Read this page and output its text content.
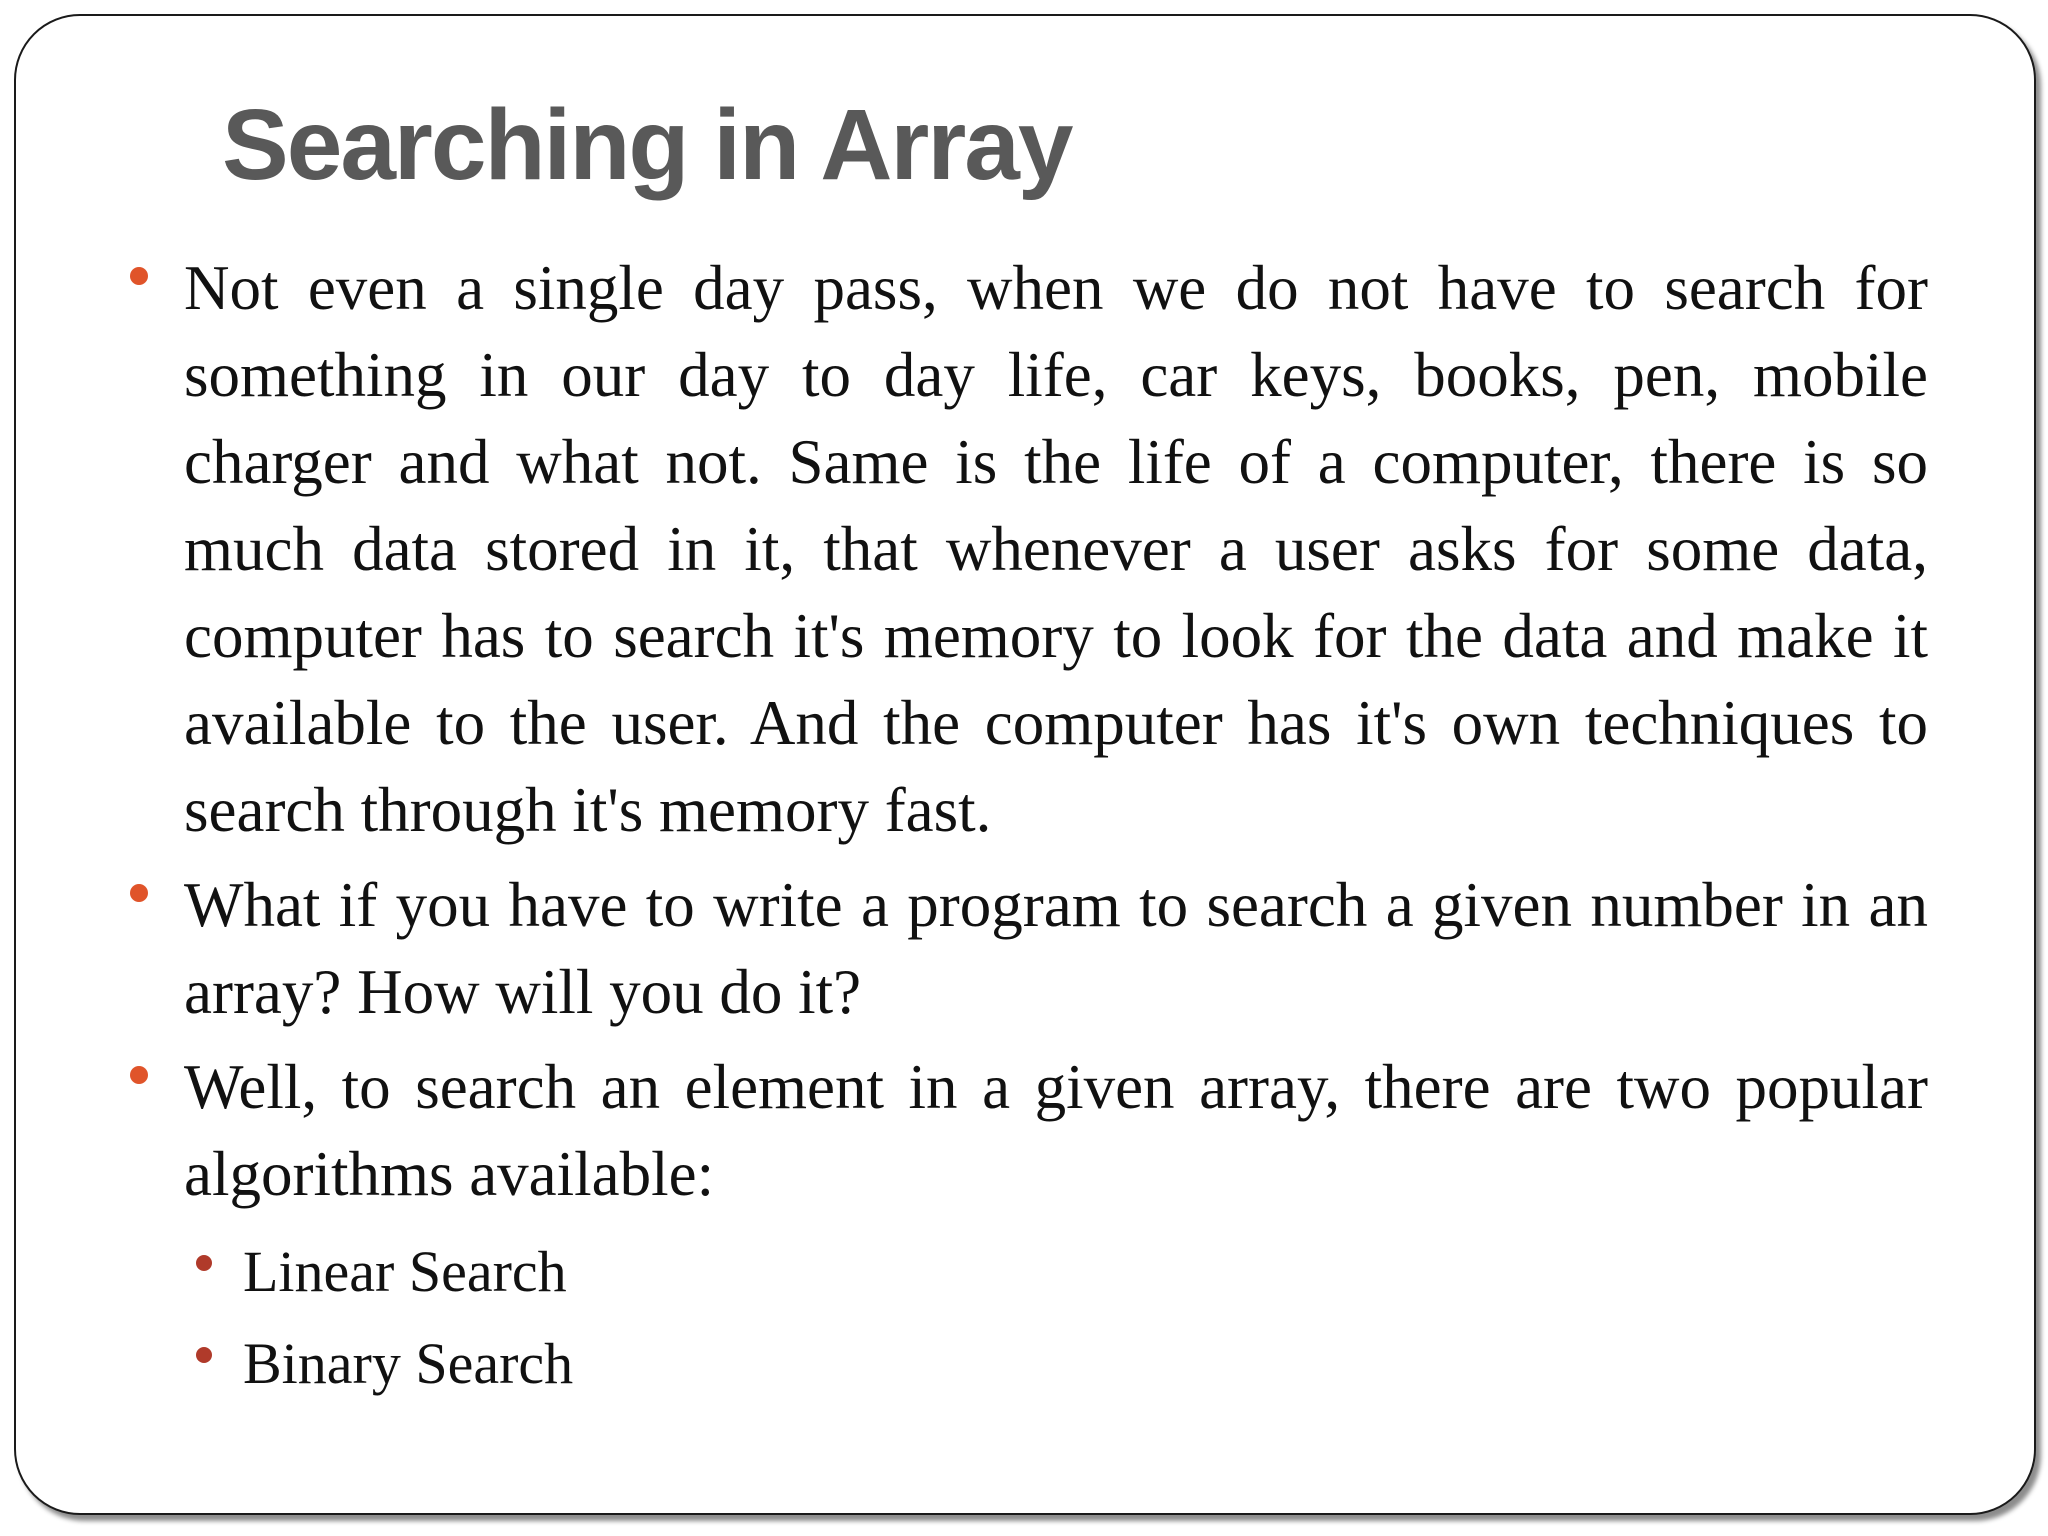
Searching in Array
Not even a single day pass, when we do not have to search for something in our day to day life, car keys, books, pen, mobile charger and what not. Same is the life of a computer, there is so much data stored in it, that whenever a user asks for some data, computer has to search it's memory to look for the data and make it available to the user. And the computer has it's own techniques to search through it's memory fast.
What if you have to write a program to search a given number in an array? How will you do it?
Well, to search an element in a given array, there are two popular algorithms available:
Linear Search
Binary Search
